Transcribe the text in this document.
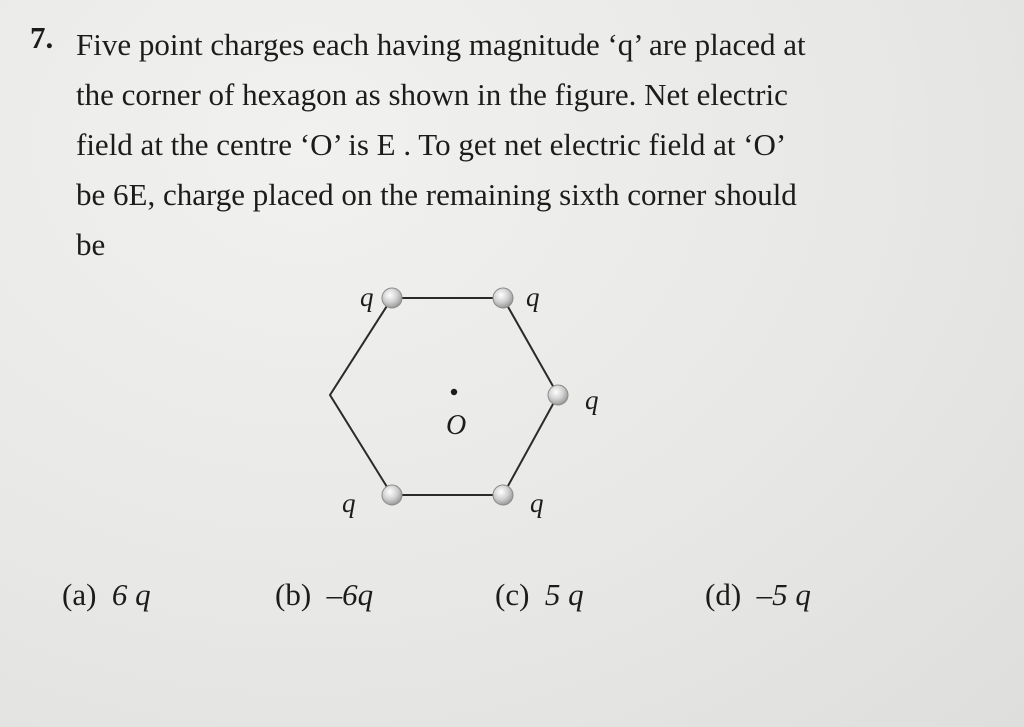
7. Five point charges each having magnitude ‘q’ are placed at
the corner of hexagon as shown in the figure. Net electric
field at the centre ‘O’ is E . To get net electric field at ‘O’
be 6E, charge placed on the remaining sixth corner should
be
O
q	q
q
q	q
(a) 6 q	(b) –6q	(c) 5 q	(d) –5 q
